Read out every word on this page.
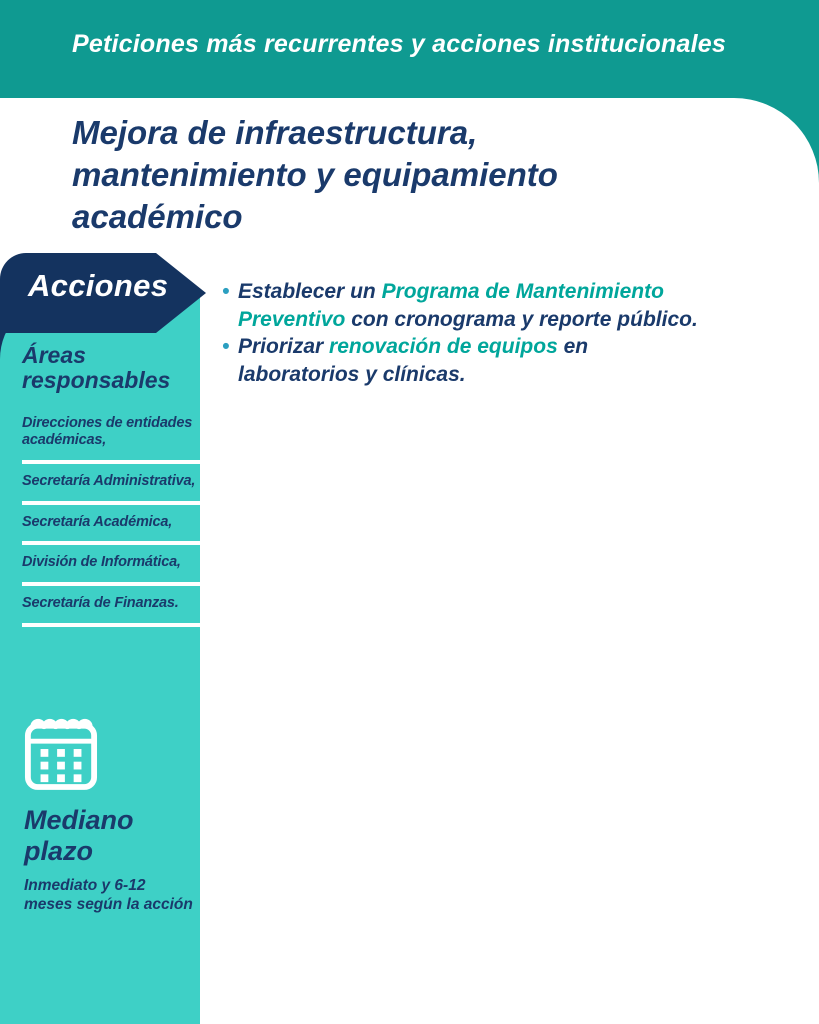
Peticiones más recurrentes y acciones institucionales
Mejora de infraestructura, mantenimiento y equipamiento académico
Áreas responsables
Direcciones de entidades académicas,
Secretaría Administrativa,
Secretaría Académica,
División de Informática,
Secretaría de Finanzas.
Mediano plazo
Inmediato y 6-12 meses según la acción
Acciones	• Establecer un Programa de Mantenimiento Preventivo con cronograma y reporte público.
• Priorizar renovación de equipos en laboratorios y clínicas.
